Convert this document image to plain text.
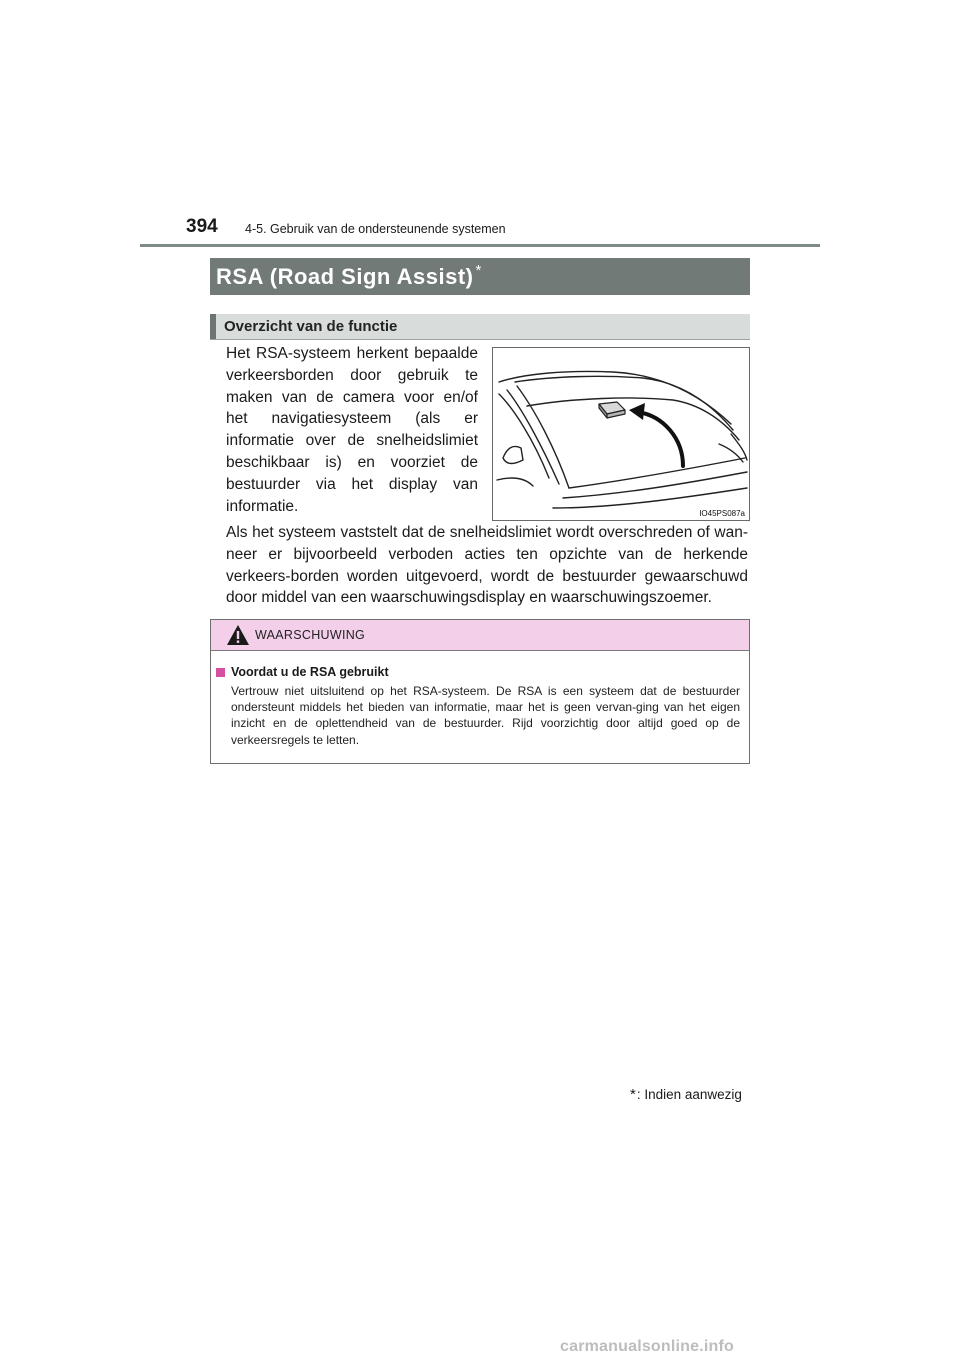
394 4-5. Gebruik van de ondersteunende systemen
RSA (Road Sign Assist) *
Overzicht van de functie
Het RSA-systeem herkent bepaalde verkeersborden door gebruik te maken van de camera voor en/of het navigatiesysteem (als er informatie over de snelheidslimiet beschikbaar is) en voorziet de bestuurder via het display van informatie.	IO45PS087a
Als het systeem vaststelt dat de snelheidslimiet wordt overschreden of wan-neer er bijvoorbeeld verboden acties ten opzichte van de herkende verkeers-borden worden uitgevoerd, wordt de bestuurder gewaarschuwd door middel van een waarschuwingsdisplay en waarschuwingszoemer.
WAARSCHUWING
Voordat u de RSA gebruikt
Vertrouw niet uitsluitend op het RSA-systeem. De RSA is een systeem dat de bestuurder ondersteunt middels het bieden van informatie, maar het is geen vervan-ging van het eigen inzicht en de oplettendheid van de bestuurder. Rijd voorzichtig door altijd goed op de verkeersregels te letten.
* : Indien aanwezig
carmanualsonline.info
